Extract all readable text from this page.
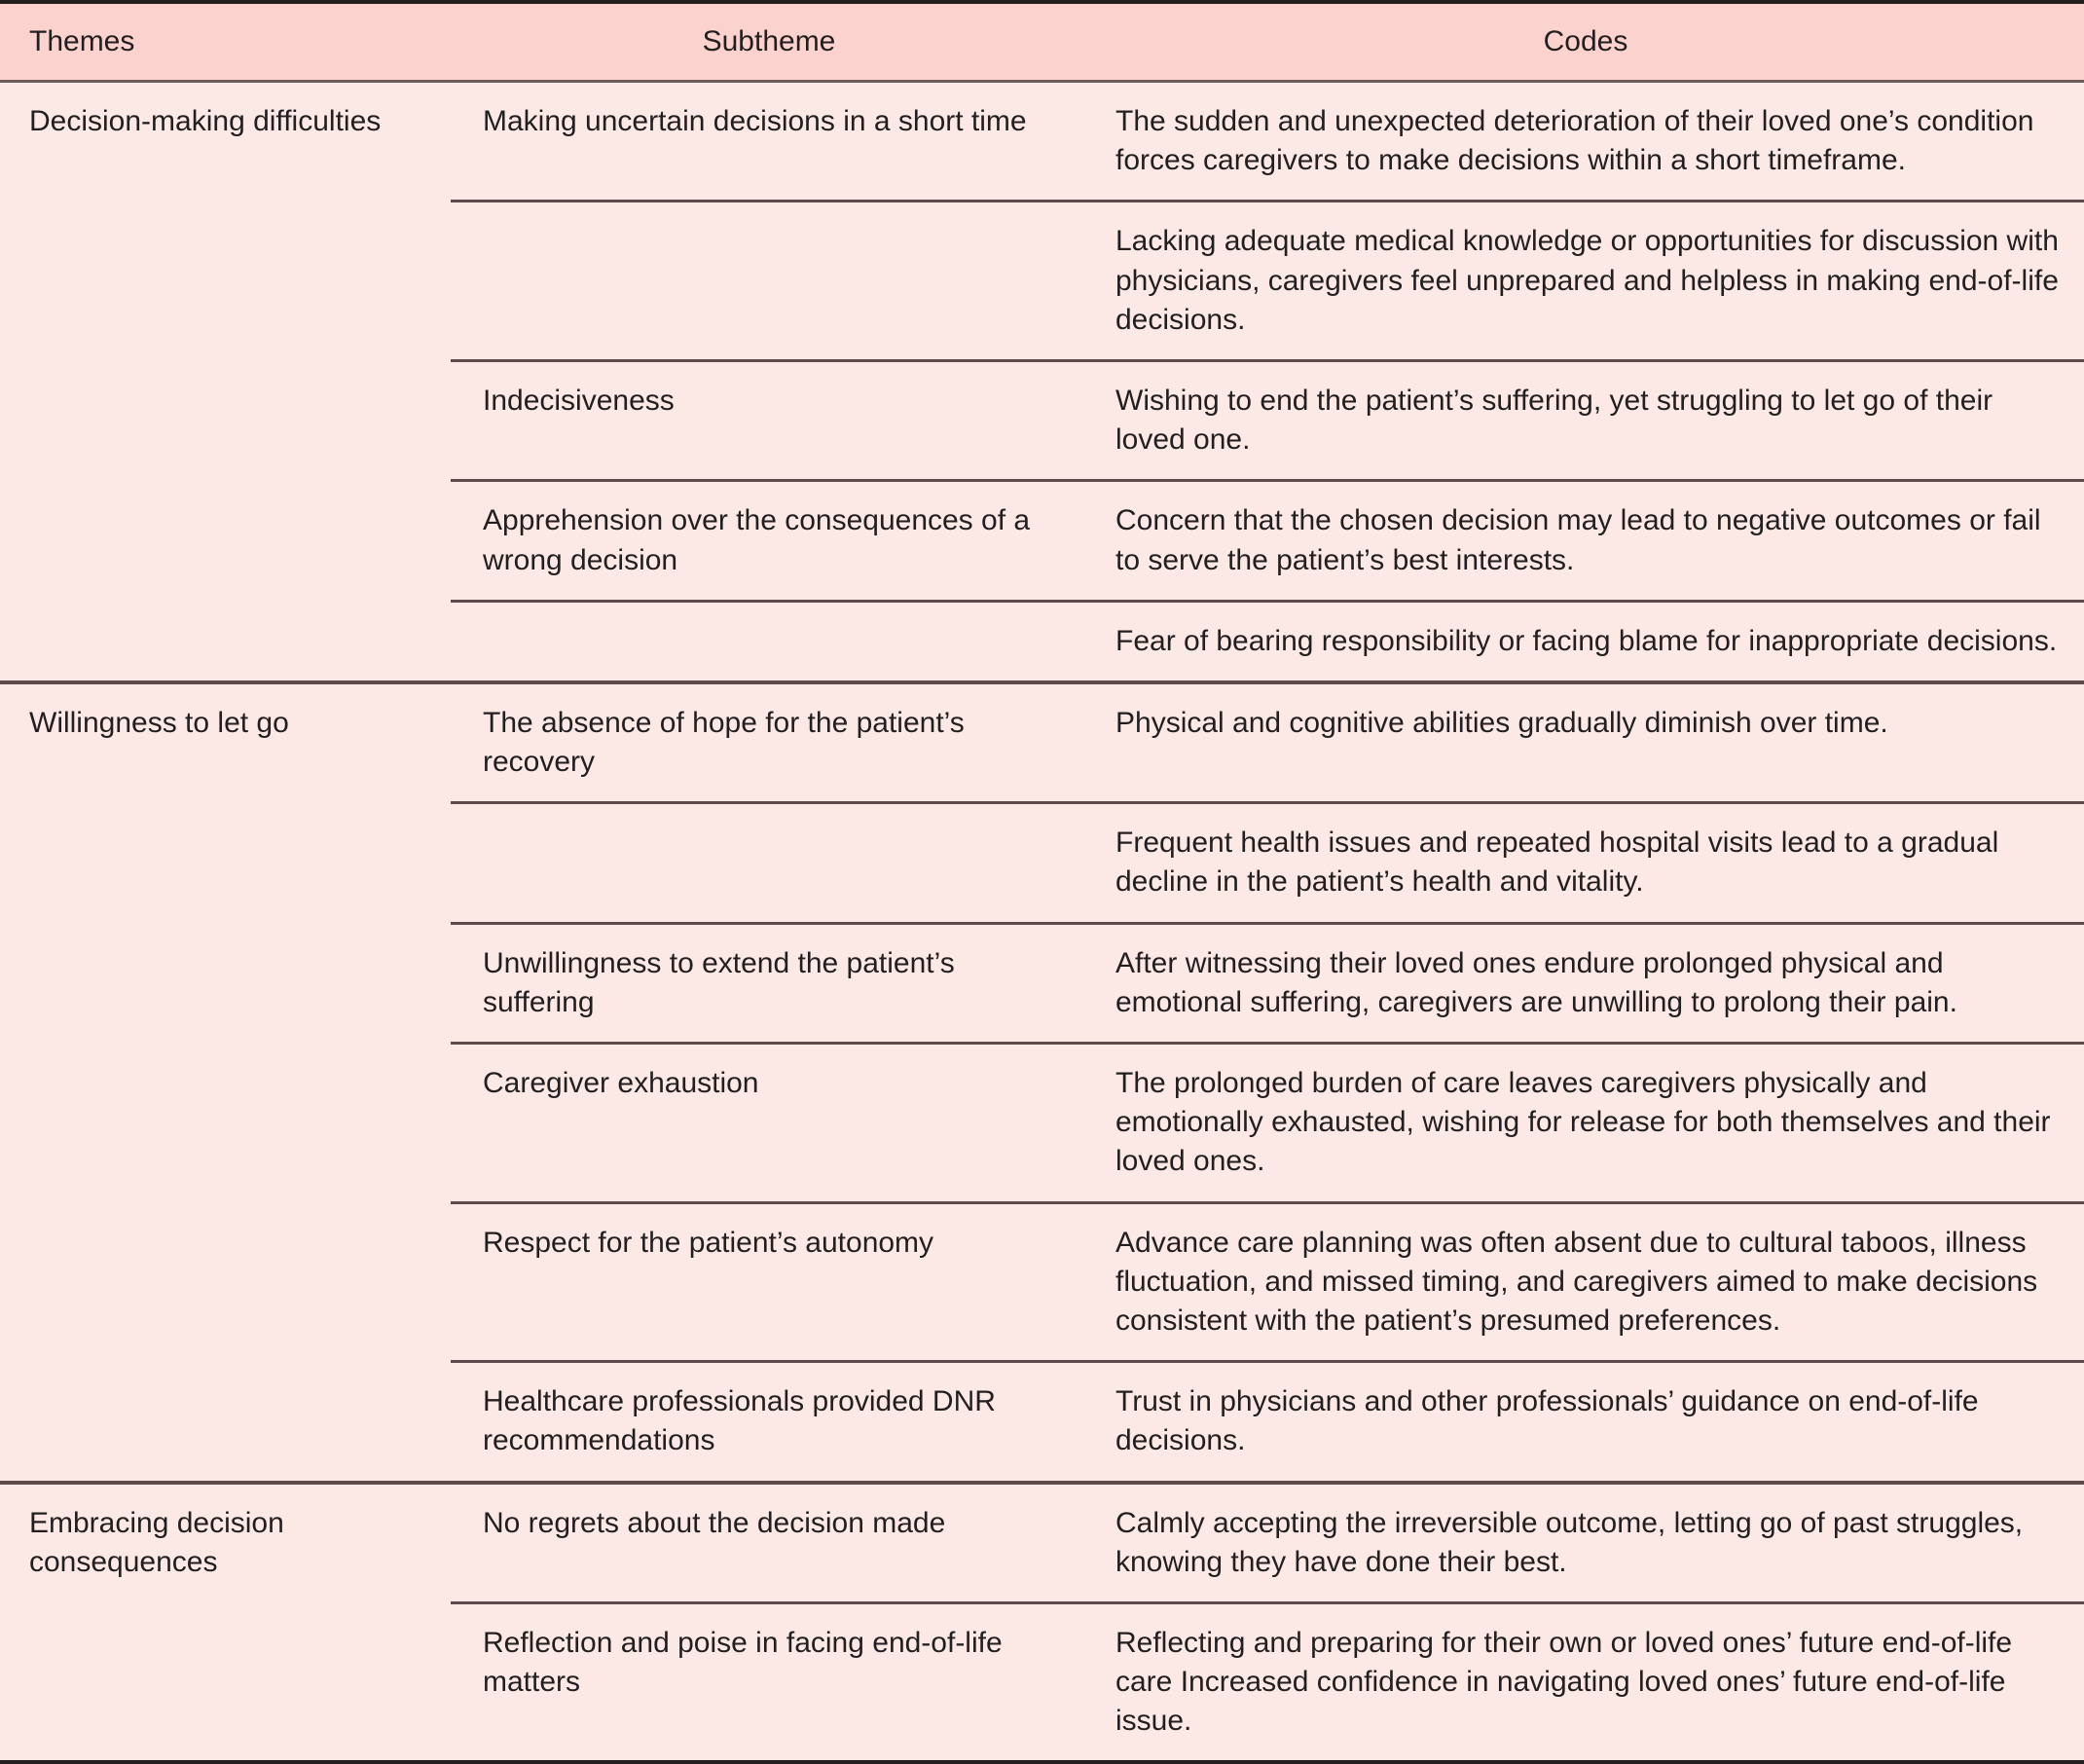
Themes	Subtheme	Codes
Decision-making difficulties	Making uncertain decisions in a short time	The sudden and unexpected deterioration of their loved one’s condition forces caregivers to make decisions within a short timeframe.
		Lacking adequate medical knowledge or opportunities for discussion with physicians, caregivers feel unprepared and helpless in making end-of-life decisions.
	Indecisiveness	Wishing to end the patient’s suffering, yet struggling to let go of their loved one.
	Apprehension over the consequences of a wrong decision	Concern that the chosen decision may lead to negative outcomes or fail to serve the patient’s best interests.
		Fear of bearing responsibility or facing blame for inappropriate decisions.
Willingness to let go	The absence of hope for the patient’s recovery	Physical and cognitive abilities gradually diminish over time.
		Frequent health issues and repeated hospital visits lead to a gradual decline in the patient’s health and vitality.
	Unwillingness to extend the patient’s suffering	After witnessing their loved ones endure prolonged physical and emotional suffering, caregivers are unwilling to prolong their pain.
	Caregiver exhaustion	The prolonged burden of care leaves caregivers physically and emotionally exhausted, wishing for release for both themselves and their loved ones.
	Respect for the patient’s autonomy	Advance care planning was often absent due to cultural taboos, illness fluctuation, and missed timing, and caregivers aimed to make decisions consistent with the patient’s presumed preferences.
	Healthcare professionals provided DNR recommendations	Trust in physicians and other professionals’ guidance on end-of-life decisions.
Embracing decision consequences	No regrets about the decision made	Calmly accepting the irreversible outcome, letting go of past struggles, knowing they have done their best.
	Reflection and poise in facing end-of-life matters	Reflecting and preparing for their own or loved ones’ future end-of-life care Increased confidence in navigating loved ones’ future end-of-life issue.
